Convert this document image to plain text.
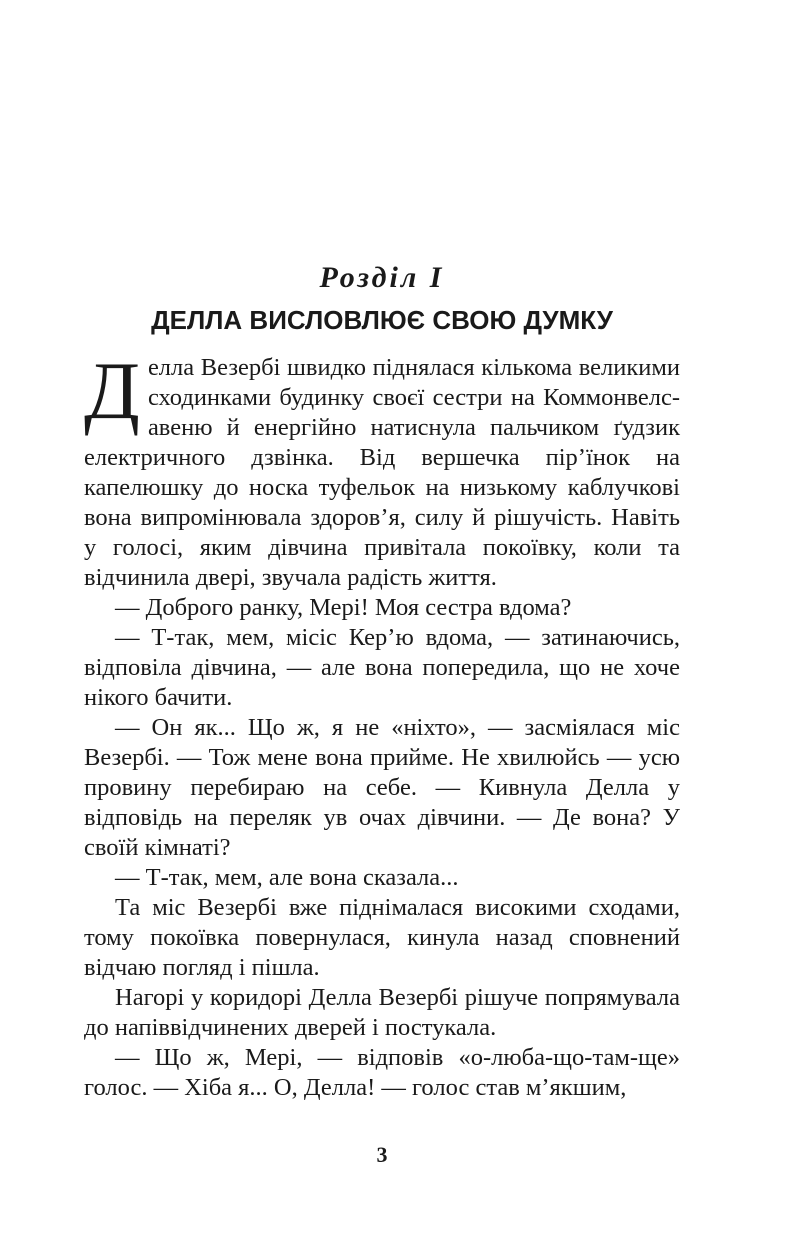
Розділ I
ДЕЛЛА ВИСЛОВЛЮЄ СВОЮ ДУМКУ

Делла Везербі швидко піднялася кількома великими сходинками будинку своєї сестри на Коммонвелс-авеню й енергійно натиснула пальчиком ґудзик електричного дзвінка. Від вершечка пір’їнок на капелюшку до носка туфельок на низькому каблучкові вона випромінювала здоров’я, силу й рішучість. Навіть у голосі, яким дівчина привітала покоївку, коли та відчинила двері, звучала радість життя.

— Доброго ранку, Мері! Моя сестра вдома?

— Т-так, мем, місіс Кер’ю вдома, — затинаючись, відповіла дівчина, — але вона попередила, що не хоче нікого бачити.

— Он як... Що ж, я не «ніхто», — засміялася міс Везербі. — Тож мене вона прийме. Не хвилюйсь — усю провину перебираю на себе. — Кивнула Делла у відповідь на переляк ув очах дівчини. — Де вона? У своїй кімнаті?

— Т-так, мем, але вона сказала...

Та міс Везербі вже піднімалася високими сходами, тому покоївка повернулася, кинула назад сповнений відчаю погляд і пішла.

Нагорі у коридорі Делла Везербі рішуче попрямувала до напіввідчинених дверей і постукала.

— Що ж, Мері, — відповів «о-люба-що-там-ще» голос. — Хіба я... О, Делла! — голос став м’якшим,

3
